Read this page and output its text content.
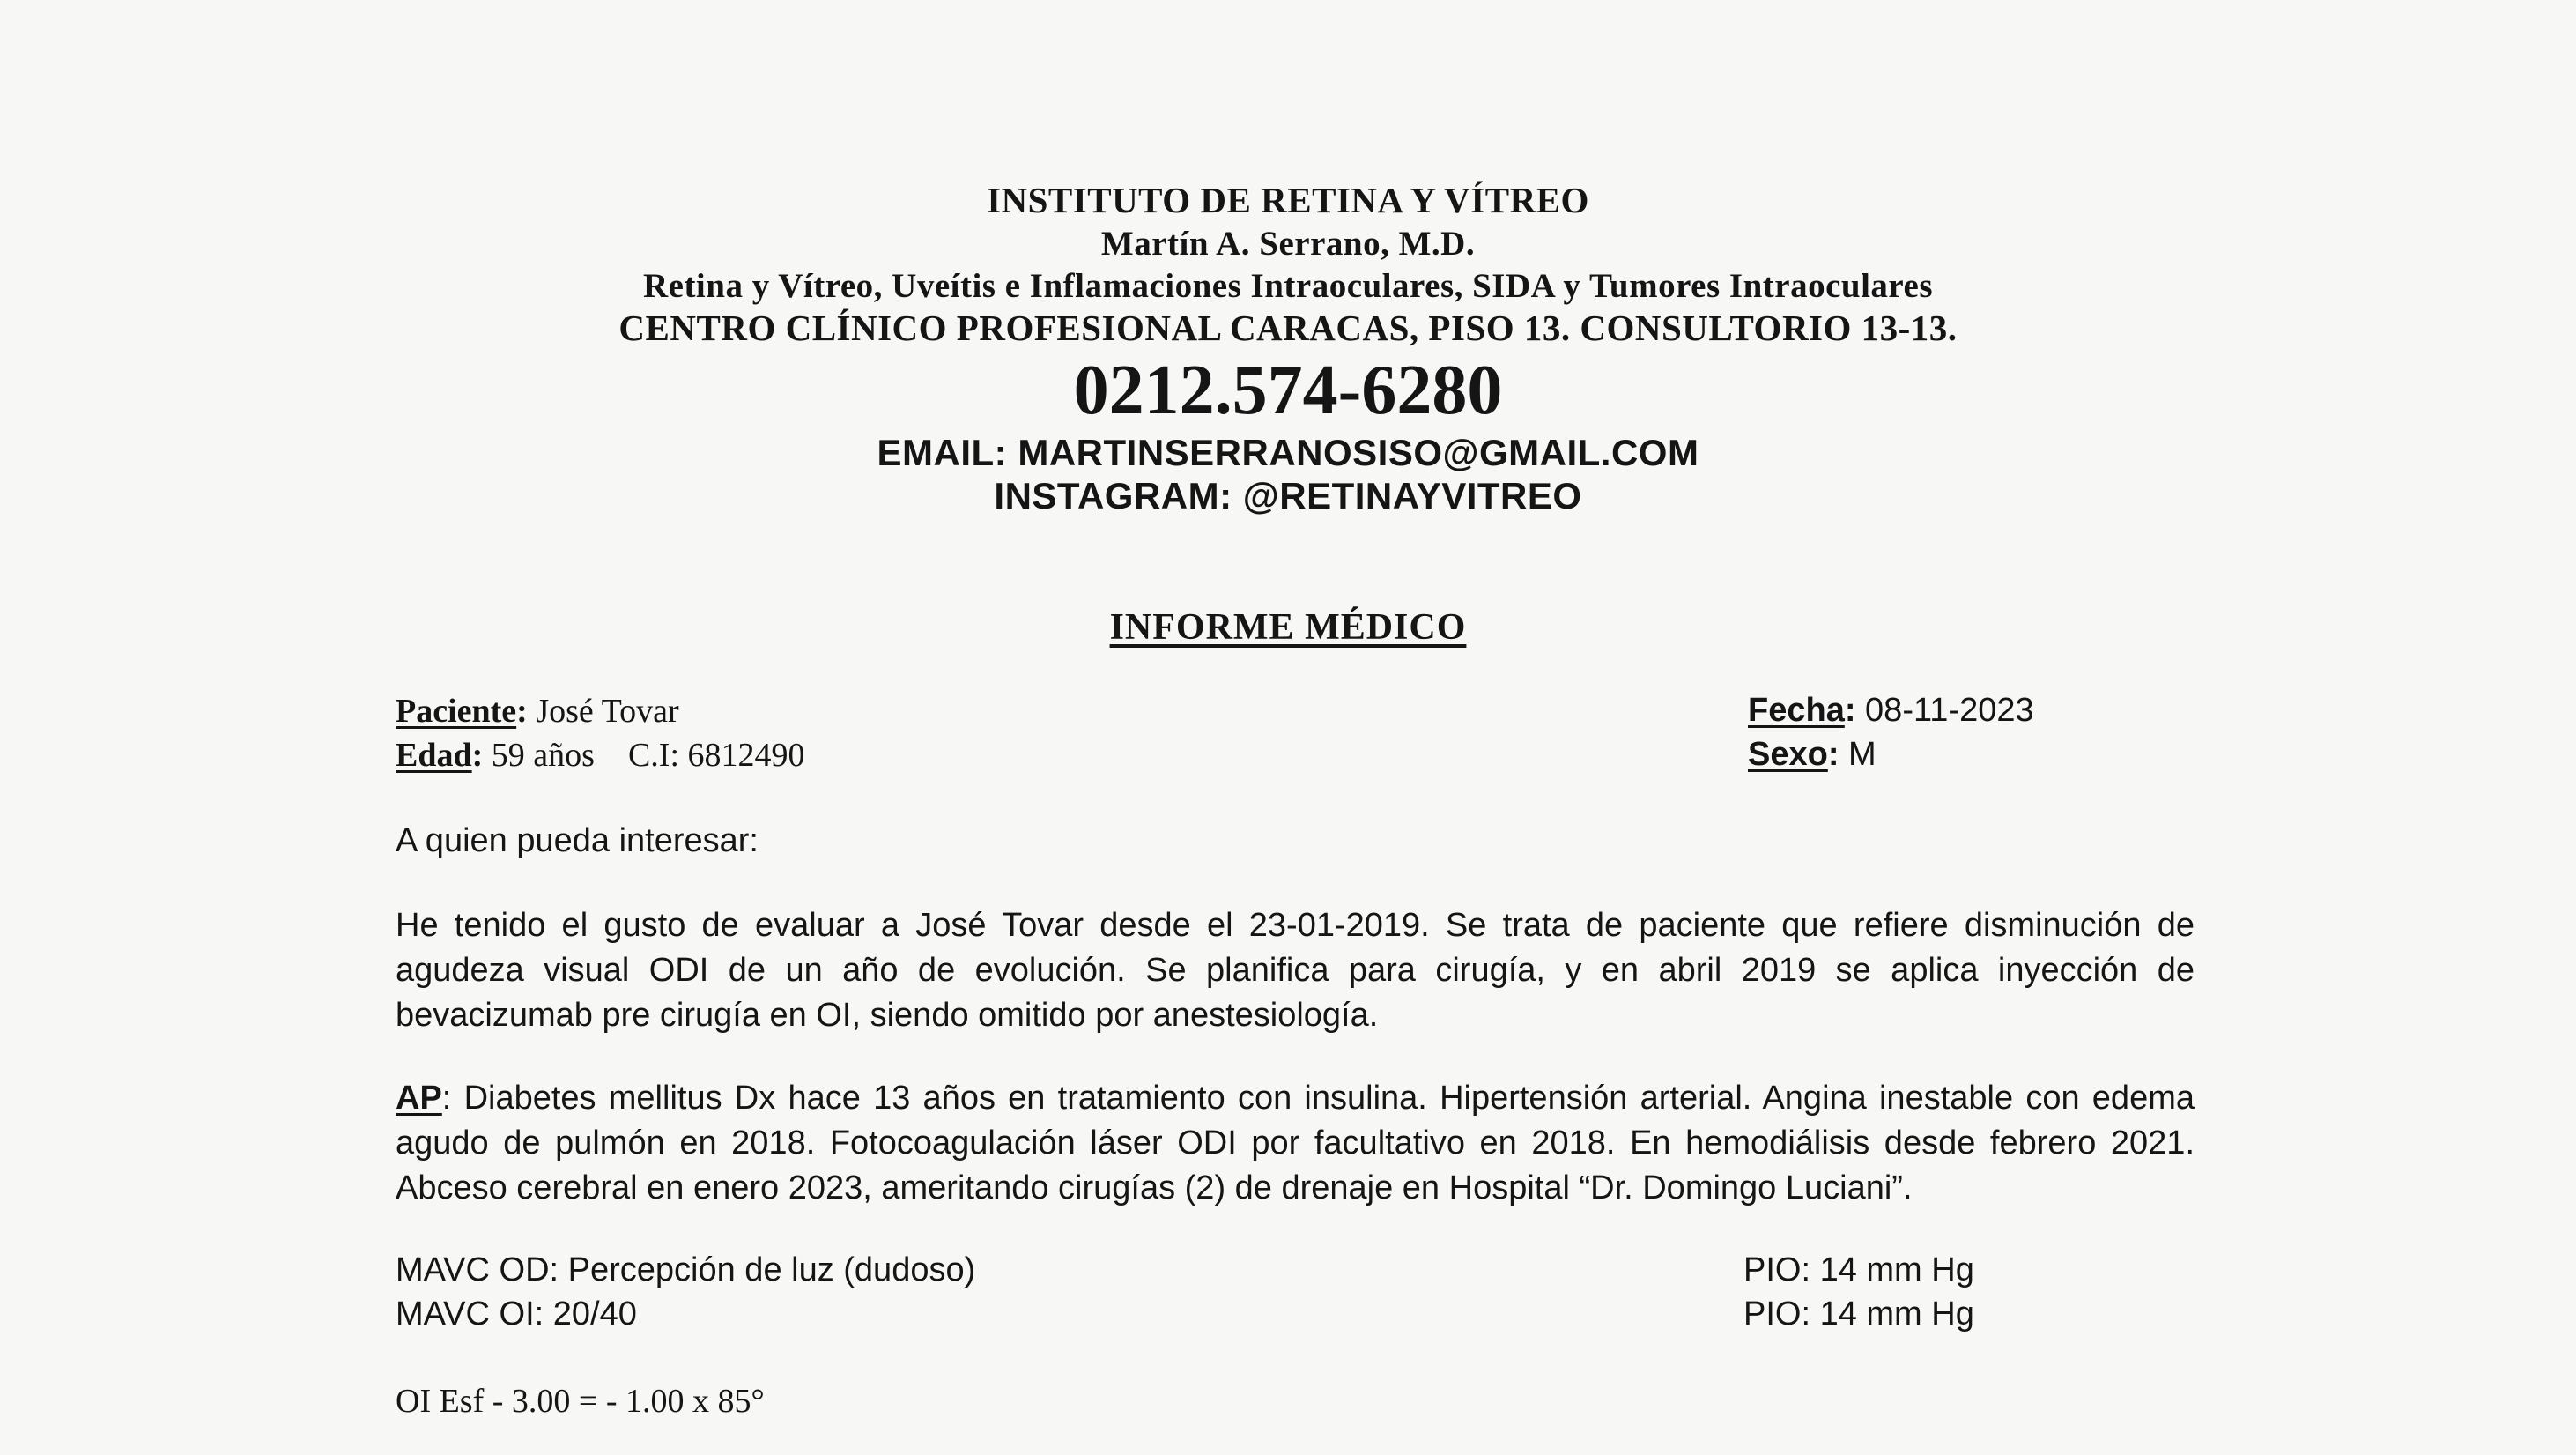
INSTITUTO DE RETINA Y VÍTREO
Martín A. Serrano, M.D.
Retina y Vítreo, Uveítis e Inflamaciones Intraoculares, SIDA y Tumores Intraoculares
CENTRO CLÍNICO PROFESIONAL CARACAS, PISO 13. CONSULTORIO 13-13.
0212.574-6280
EMAIL: MARTINSERRANOSISO@GMAIL.COM
INSTAGRAM: @RETINAYVITREO
INFORME MÉDICO
Paciente: José Tovar
Edad: 59 años C.I: 6812490
Fecha: 08-11-2023
Sexo: M
A quien pueda interesar:
He tenido el gusto de evaluar a José Tovar desde el 23-01-2019. Se trata de paciente que refiere disminución de agudeza visual ODI de un año de evolución. Se planifica para cirugía, y en abril 2019 se aplica inyección de bevacizumab pre cirugía en OI, siendo omitido por anestesiología.
AP: Diabetes mellitus Dx hace 13 años en tratamiento con insulina. Hipertensión arterial. Angina inestable con edema agudo de pulmón en 2018. Fotocoagulación láser ODI por facultativo en 2018. En hemodiálisis desde febrero 2021. Abceso cerebral en enero 2023, ameritando cirugías (2) de drenaje en Hospital “Dr. Domingo Luciani”.
MAVC OD: Percepción de luz (dudoso)
MAVC OI: 20/40
PIO: 14 mm Hg
PIO: 14 mm Hg
OI Esf - 3.00 = - 1.00 x 85°
